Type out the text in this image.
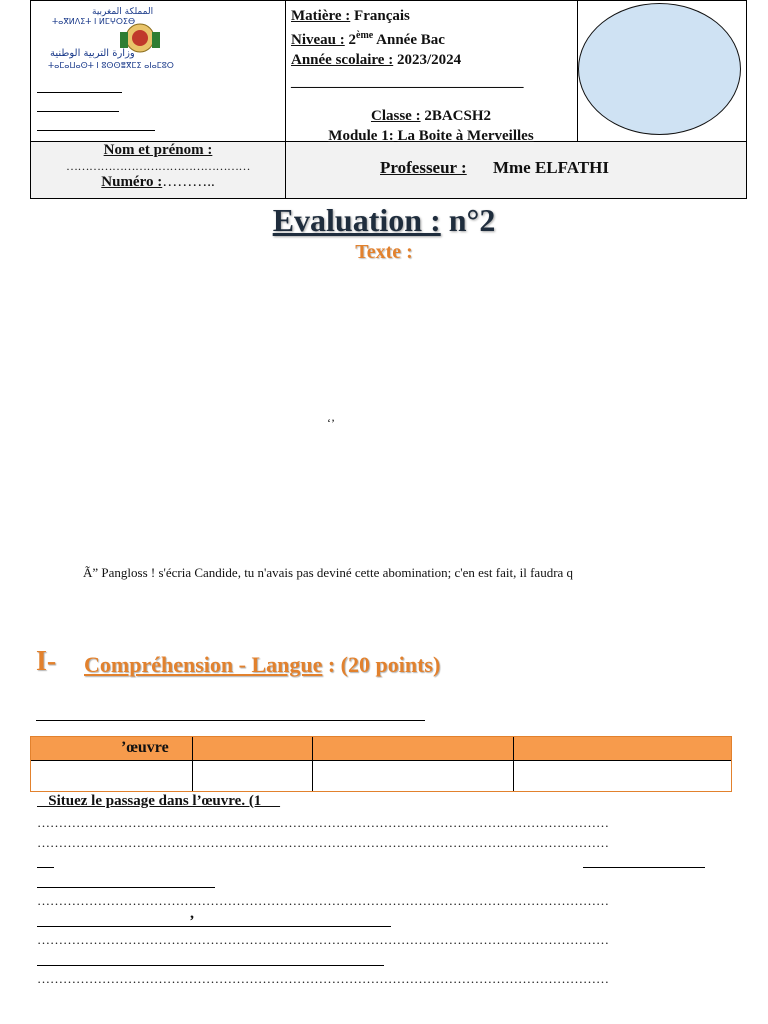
المملكة المغربية
ⵜⴰⴳⵍⴷⵉⵜ ⵏ ⵍⵎⵖⵔⵉⴱ
وزارة التربية الوطنية
ⵜⴰⵎⴰⵡⴰⵙⵜ ⵏ ⵓⵙⵙⴻⴳⵎⵉ ⴰⵏⴰⵎⵓⵔ
Matière : Français
Niveau : 2ème Année Bac
Année scolaire : 2023/2024
_______________________________
Classe : 2BACSH2
Module 1: La Boite à Merveilles
Nom et prénom :
…………………………………………
Numéro :………..
Professeur : Mme ELFATHI
Evaluation : n°2
Texte :
‘’
Ã” Pangloss ! s'écria Candide, tu n'avais pas deviné cette abomination; c'en est fait, il faudra q
I- Compréhension - Langue : (20 points)
’œuvre
Situez le passage dans l’œuvre. (1
……………………………………………………………………………………………………………………
……………………………………………………………………………………………………………………
……………………………………………………………………………………………………………………
,
……………………………………………………………………………………………………………………
……………………………………………………………………………………………………………………
